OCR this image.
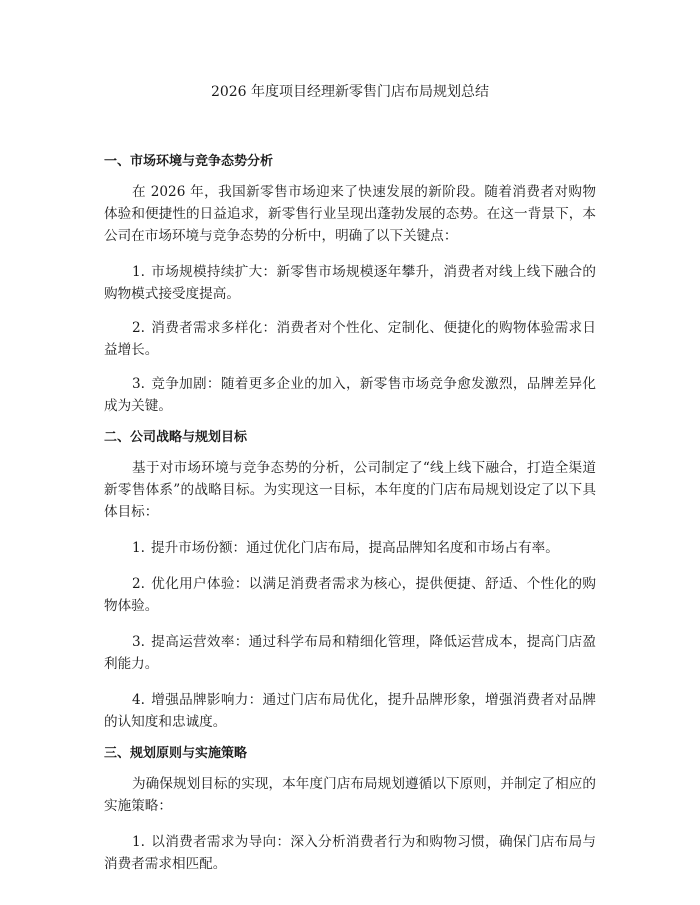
2026 年度项目经理新零售门店布局规划总结
一、市场环境与竞争态势分析

在 2026 年，我国新零售市场迎来了快速发展的新阶段。随着消费者对购物体验和便捷性的日益追求，新零售行业呈现出蓬勃发展的态势。在这一背景下，本公司在市场环境与竞争态势的分析中，明确了以下关键点：

1. 市场规模持续扩大：新零售市场规模逐年攀升，消费者对线上线下融合的购物模式接受度提高。

2. 消费者需求多样化：消费者对个性化、定制化、便捷化的购物体验需求日益增长。

3. 竞争加剧：随着更多企业的加入，新零售市场竞争愈发激烈，品牌差异化成为关键。

二、公司战略与规划目标

基于对市场环境与竞争态势的分析，公司制定了“线上线下融合，打造全渠道新零售体系”的战略目标。为实现这一目标，本年度的门店布局规划设定了以下具体目标：

1. 提升市场份额：通过优化门店布局，提高品牌知名度和市场占有率。

2. 优化用户体验：以满足消费者需求为核心，提供便捷、舒适、个性化的购物体验。

3. 提高运营效率：通过科学布局和精细化管理，降低运营成本，提高门店盈利能力。

4. 增强品牌影响力：通过门店布局优化，提升品牌形象，增强消费者对品牌的认知度和忠诚度。

三、规划原则与实施策略

为确保规划目标的实现，本年度门店布局规划遵循以下原则，并制定了相应的实施策略：

1. 以消费者需求为导向：深入分析消费者行为和购物习惯，确保门店布局与消费者需求相匹配。
